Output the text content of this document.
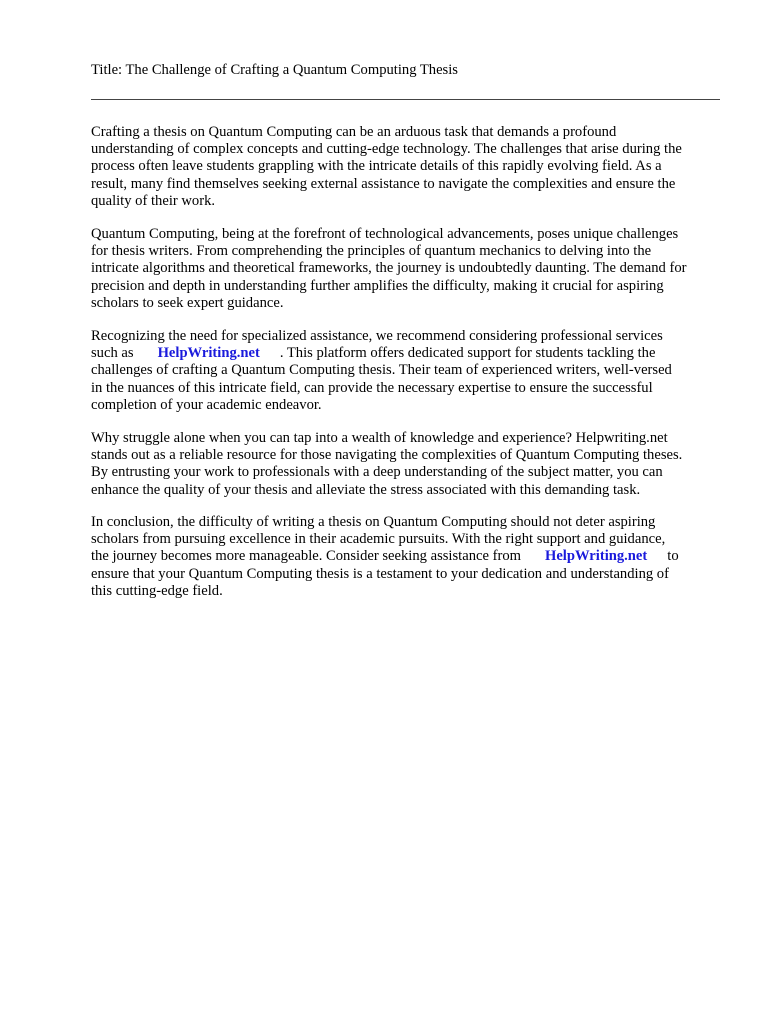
Title: The Challenge of Crafting a Quantum Computing Thesis
Crafting a thesis on Quantum Computing can be an arduous task that demands a profound
understanding of complex concepts and cutting-edge technology. The challenges that arise during the
process often leave students grappling with the intricate details of this rapidly evolving field. As a
result, many find themselves seeking external assistance to navigate the complexities and ensure the
quality of their work.
Quantum Computing, being at the forefront of technological advancements, poses unique challenges
for thesis writers. From comprehending the principles of quantum mechanics to delving into the
intricate algorithms and theoretical frameworks, the journey is undoubtedly daunting. The demand for
precision and depth in understanding further amplifies the difficulty, making it crucial for aspiring
scholars to seek expert guidance.
Recognizing the need for specialized assistance, we recommend considering professional services
such as HelpWriting.net . This platform offers dedicated support for students tackling the
challenges of crafting a Quantum Computing thesis. Their team of experienced writers, well-versed
in the nuances of this intricate field, can provide the necessary expertise to ensure the successful
completion of your academic endeavor.
Why struggle alone when you can tap into a wealth of knowledge and experience? Helpwriting.net
stands out as a reliable resource for those navigating the complexities of Quantum Computing theses.
By entrusting your work to professionals with a deep understanding of the subject matter, you can
enhance the quality of your thesis and alleviate the stress associated with this demanding task.
In conclusion, the difficulty of writing a thesis on Quantum Computing should not deter aspiring
scholars from pursuing excellence in their academic pursuits. With the right support and guidance,
the journey becomes more manageable. Consider seeking assistance from HelpWriting.net to
ensure that your Quantum Computing thesis is a testament to your dedication and understanding of
this cutting-edge field.
